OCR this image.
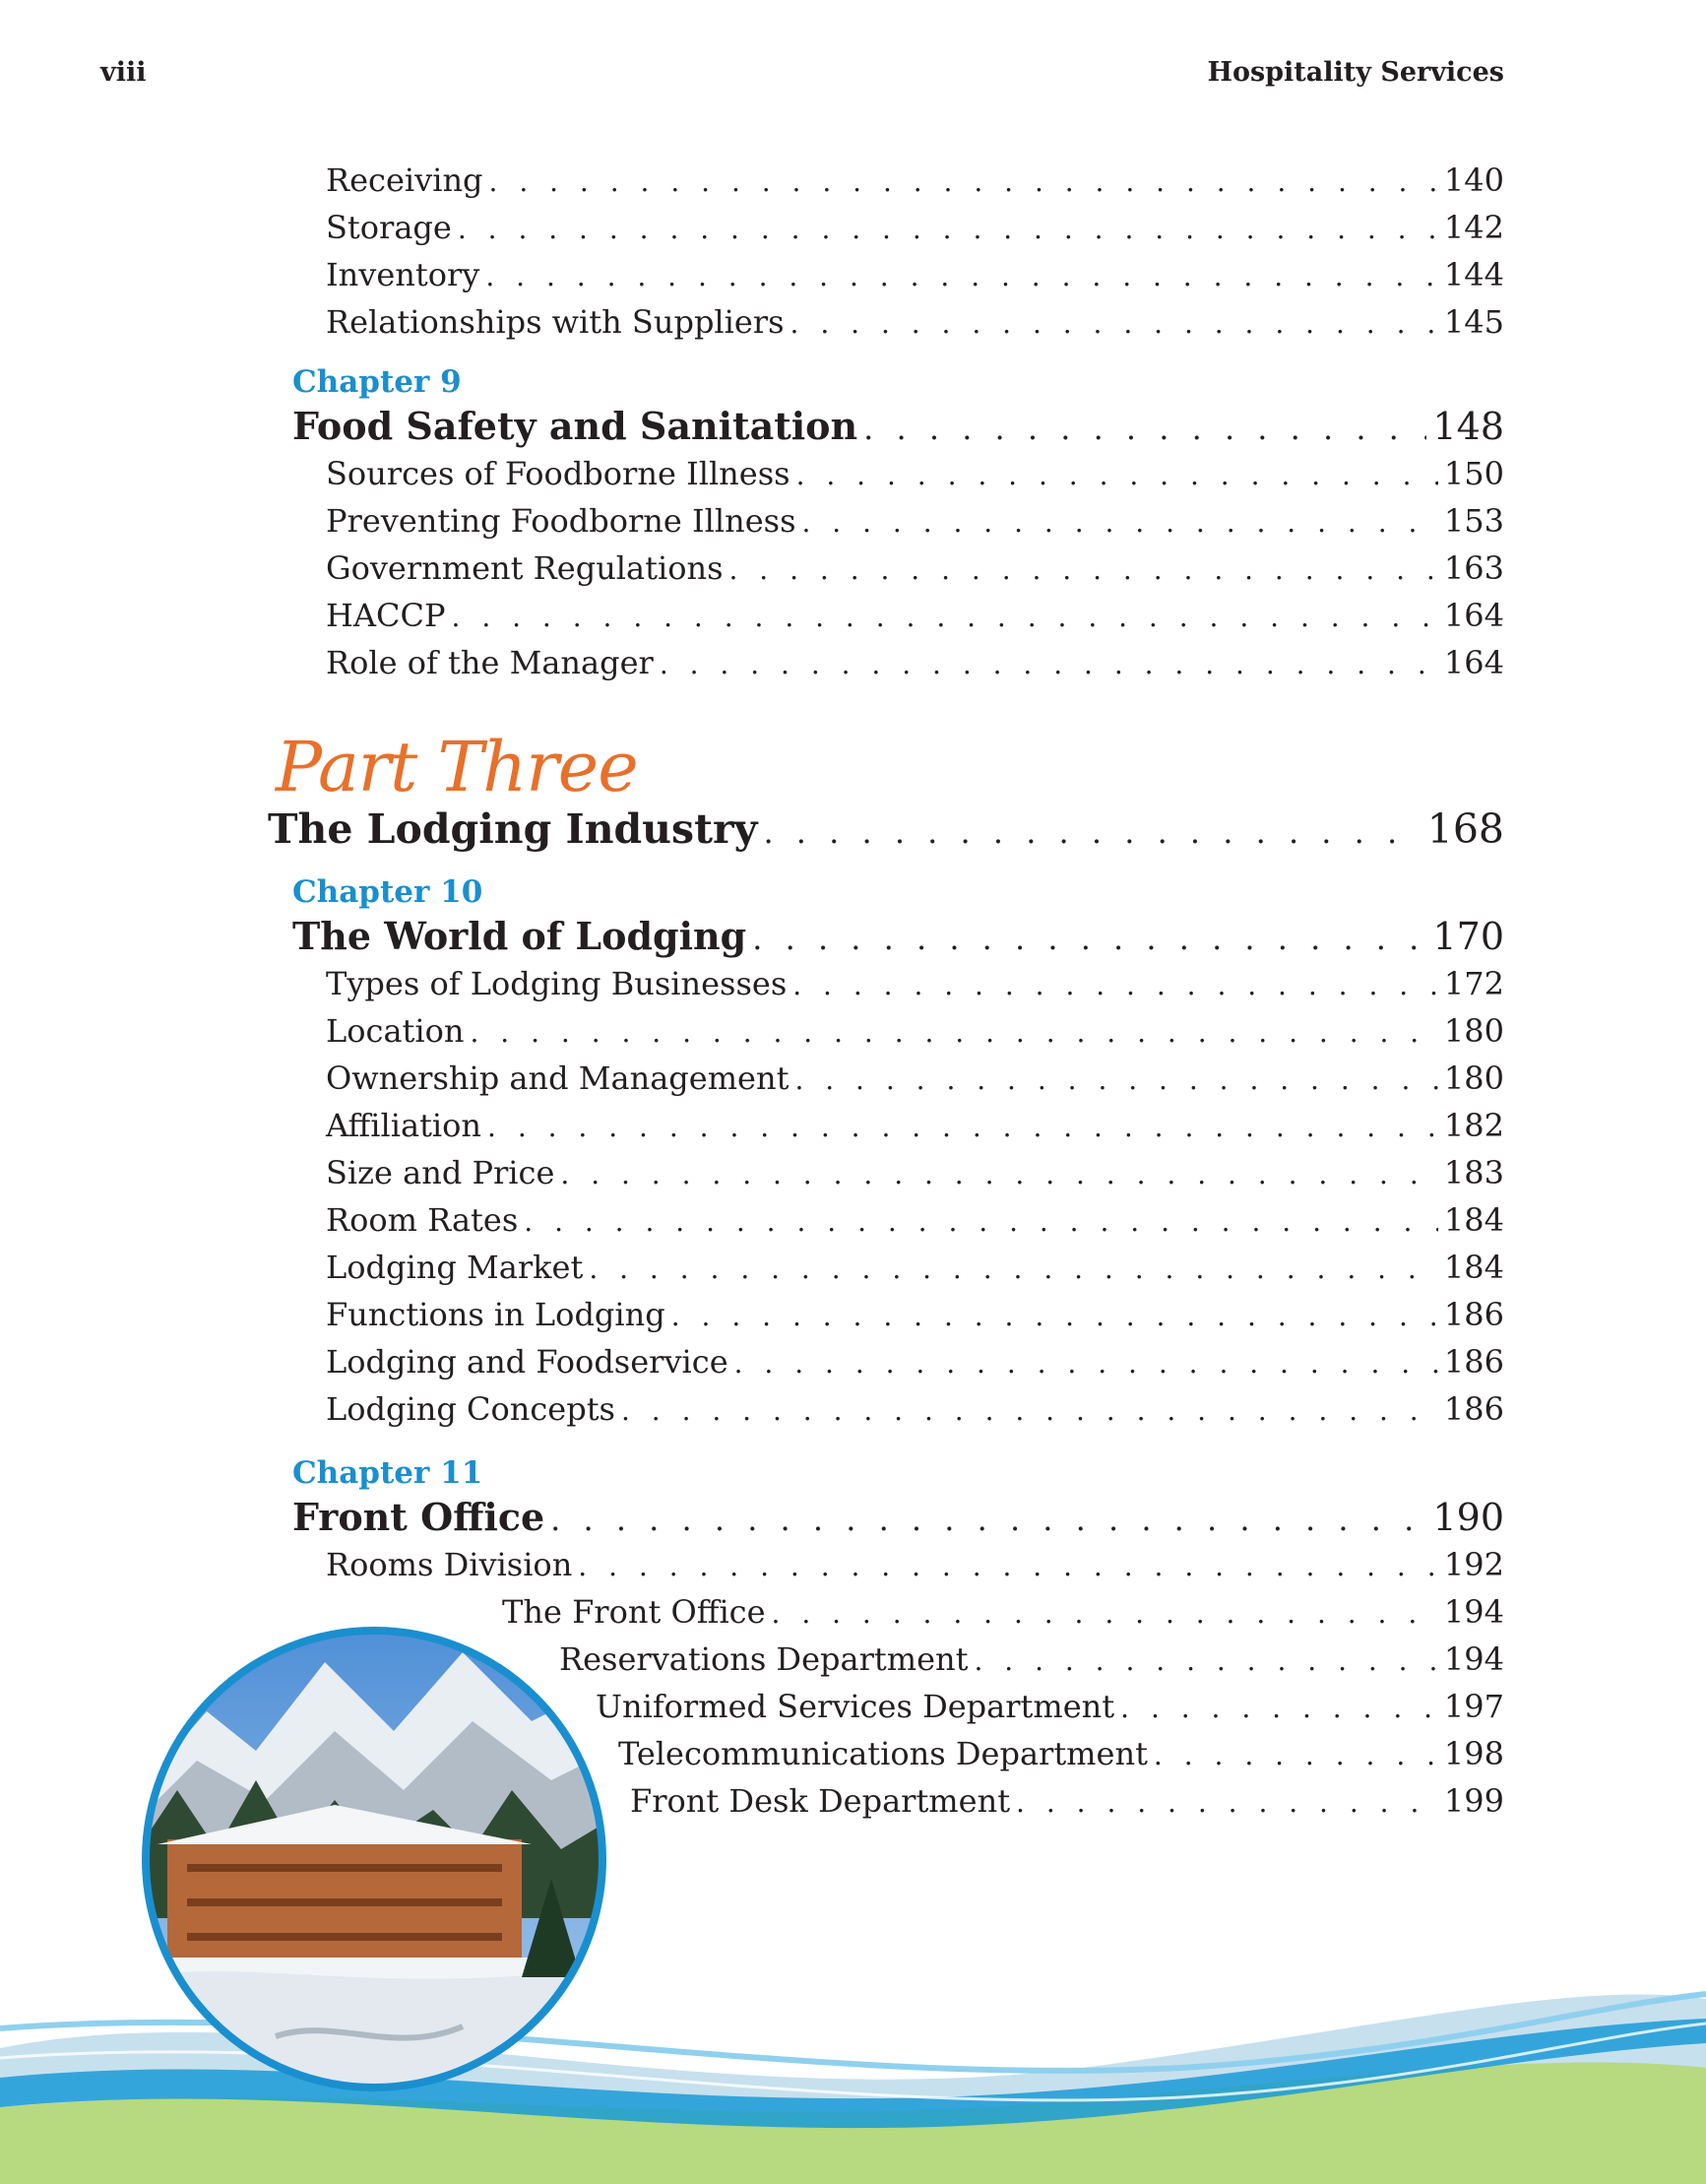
viii	Hospitality Services
Receiving . . .	140
Storage . . .	142
Inventory . . .	144
Relationships with Suppliers . . .	145
Chapter 9
Food Safety and Sanitation . . .	148
Sources of Foodborne Illness . . .	150
Preventing Foodborne Illness . . .	153
Government Regulations . . .	163
HACCP . . .	164
Role of the Manager . . .	164
Part Three
The Lodging Industry . . .	168
Chapter 10
The World of Lodging . . .	170
Types of Lodging Businesses . . .	172
Location . . .	180
Ownership and Management . . .	180
Affiliation . . .	182
Size and Price . . .	183
Room Rates . . .	184
Lodging Market . . .	184
Functions in Lodging . . .	186
Lodging and Foodservice . . .	186
Lodging Concepts . . .	186
Chapter 11
Front Office . . .	190
Rooms Division . . .	192
The Front Office . . .	194
Reservations Department . . .	194
Uniformed Services Department . . .	197
Telecommunications Department . . .	198
Front Desk Department . . .	199
